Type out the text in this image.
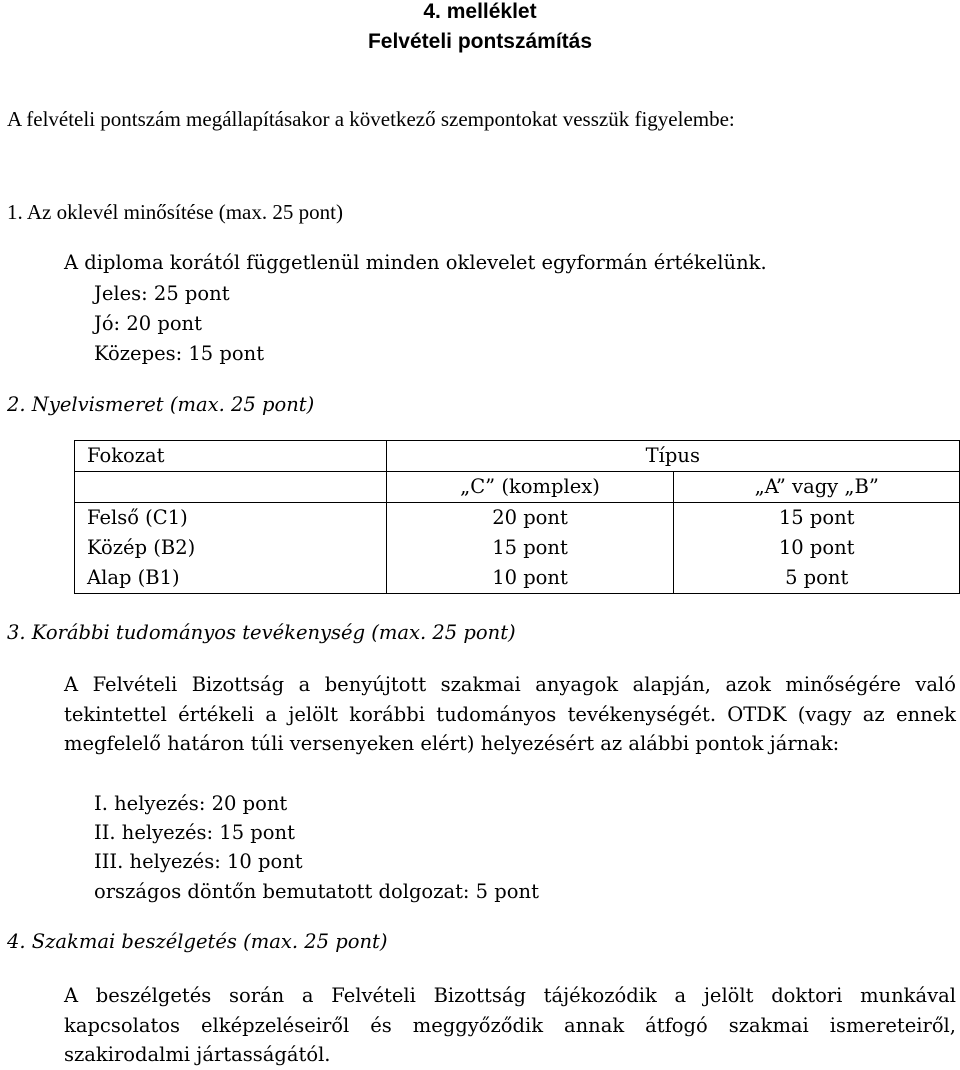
4. melléklet
Felvételi pontszámítás
A felvételi pontszám megállapításakor a következő szempontokat vesszük figyelembe:
1. Az oklevél minősítése (max. 25 pont)
A diploma korától függetlenül minden oklevelet egyformán értékelünk.
Jeles: 25 pont
Jó: 20 pont
Közepes: 15 pont
2. Nyelvismeret (max. 25 pont)
Fokozat	Típus	
	„C” (komplex)	„A” vagy „B”
Felső (C1)	20 pont	15 pont
Közép (B2)	15 pont	10 pont
Alap (B1)	10 pont	5 pont
3. Korábbi tudományos tevékenység (max. 25 pont)
A Felvételi Bizottság a benyújtott szakmai anyagok alapján, azok minőségére való tekintettel értékeli a jelölt korábbi tudományos tevékenységét. OTDK (vagy az ennek megfelelő határon túli versenyeken elért) helyezésért az alábbi pontok járnak:
I. helyezés: 20 pont
II. helyezés: 15 pont
III. helyezés: 10 pont
országos döntőn bemutatott dolgozat: 5 pont
4. Szakmai beszélgetés (max. 25 pont)
A beszélgetés során a Felvételi Bizottság tájékozódik a jelölt doktori munkával kapcsolatos elképzeléseiről és meggyőződik annak átfogó szakmai ismereteiről, szakirodalmi jártasságától.
